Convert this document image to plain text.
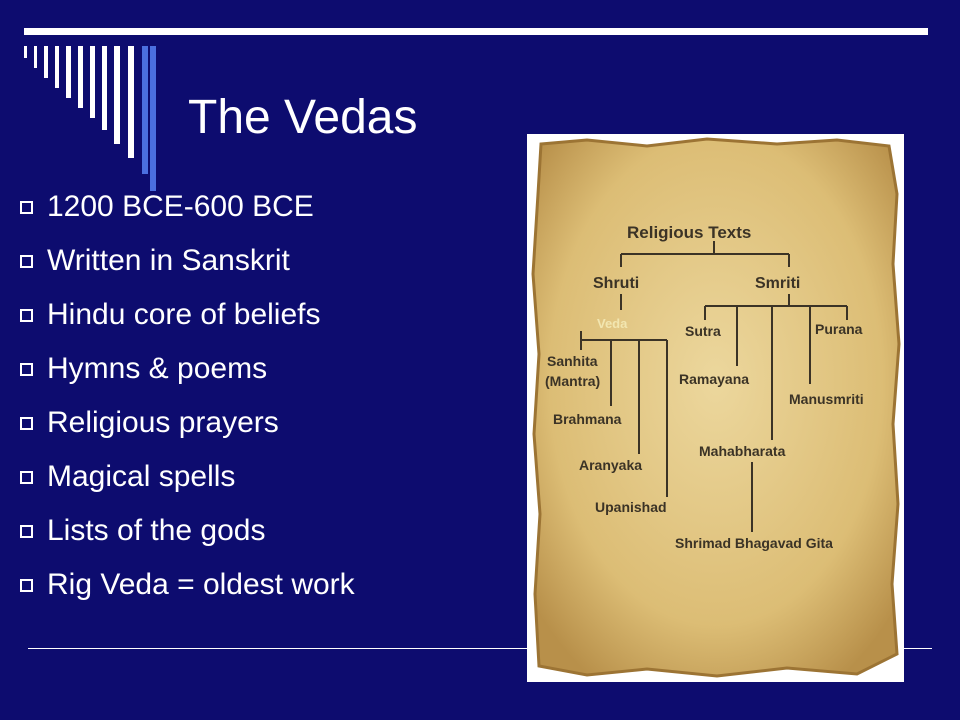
The Vedas
1200 BCE-600 BCE
Written in Sanskrit
Hindu core of beliefs
Hymns & poems
Religious prayers
Magical spells
Lists of the gods
Rig Veda = oldest work
Religious Texts
Shruti	Smriti
Veda
Sanhita
(Mantra)
Brahmana
Aranyaka
Upanishad
Sutra	Purana
Ramayana
Manusmriti
Mahabharata
Shrimad Bhagavad Gita
